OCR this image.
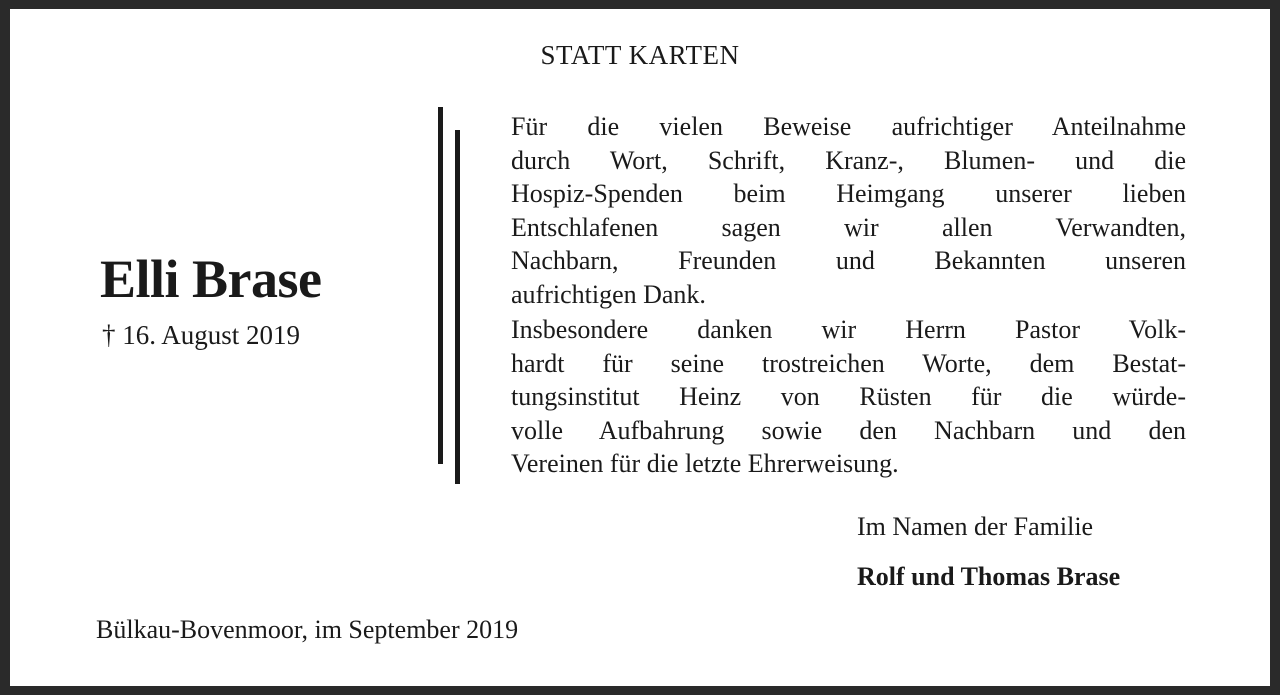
STATT KARTEN
Elli Brase
† 16. August 2019

Für die vielen Beweise aufrichtiger Anteilnahme
durch Wort, Schrift, Kranz-, Blumen- und die
Hospiz-Spenden beim Heimgang unserer lieben
Entschlafenen sagen wir allen Verwandten,
Nachbarn, Freunden und Bekannten unseren
aufrichtigen Dank.

Insbesondere danken wir Herrn Pastor Volk-
hardt für seine trostreichen Worte, dem Bestat-
tungsinstitut Heinz von Rüsten für die würde-
volle Aufbahrung sowie den Nachbarn und den
Vereinen für die letzte Ehrerweisung.

Im Namen der Familie
Rolf und Thomas Brase
Bülkau-Bovenmoor, im September 2019
